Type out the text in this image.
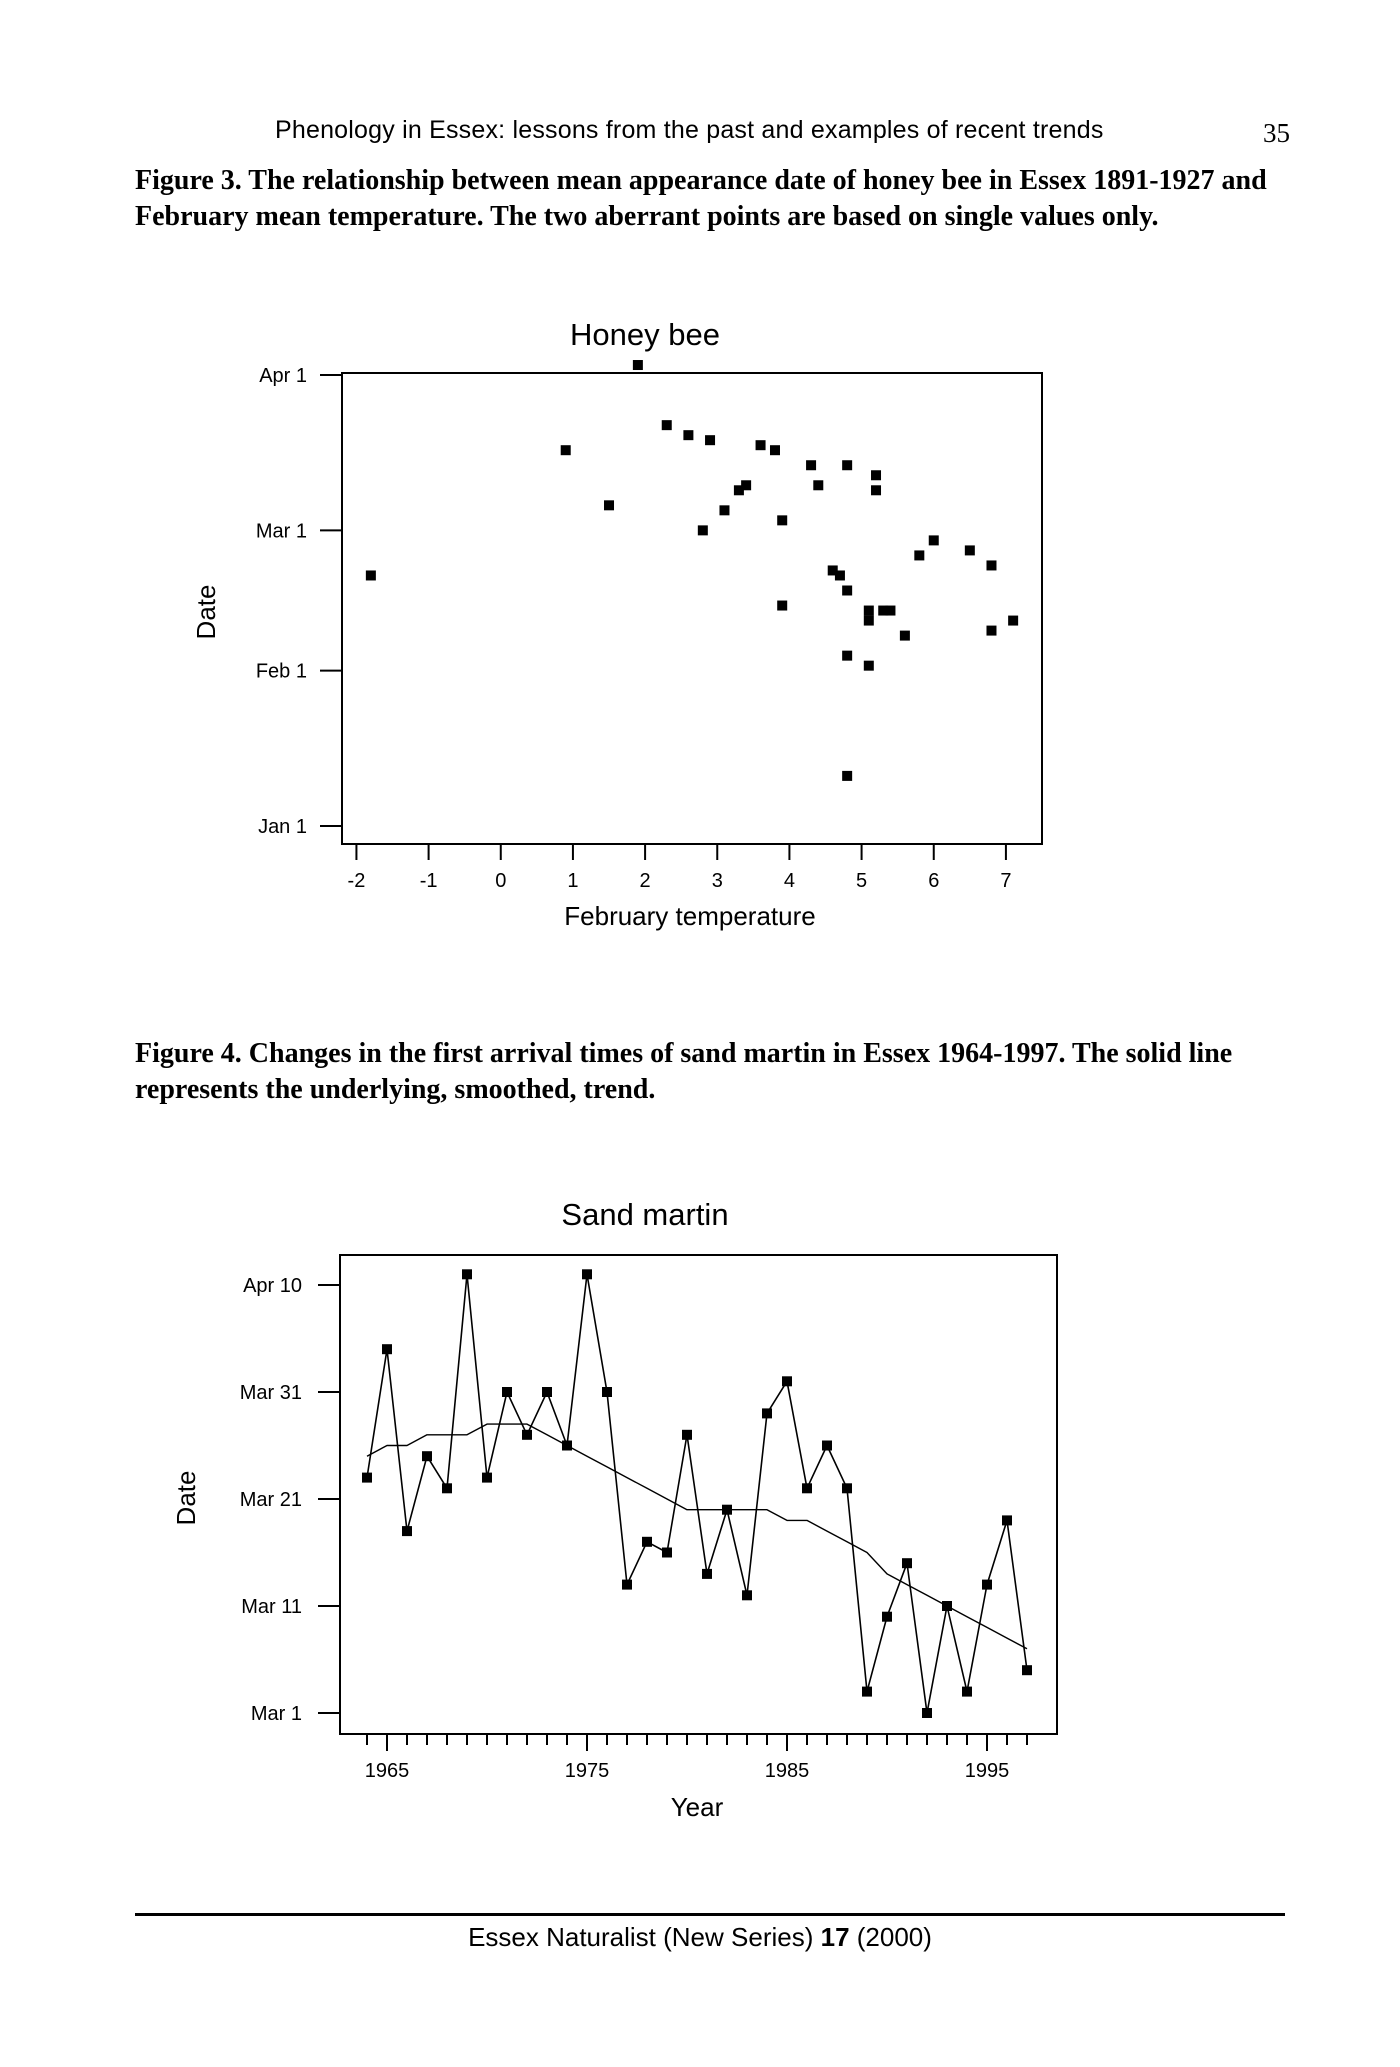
Phenology in Essex: lessons from the past and examples of recent trends	35
Figure 3. The relationship between mean appearance date of honey bee in Essex 1891-1927 and February mean temperature. The two aberrant points are based on single values only.
Honey bee
Jan 1
Feb 1
Mar 1
Apr 1
-2	-1	0	1	2	3	4	5	6	7
February temperature
Date
Figure 4. Changes in the first arrival times of sand martin in Essex 1964-1997. The solid line represents the underlying, smoothed, trend.
Sand martin
Mar 1
Mar 11
Mar 21
Mar 31
Apr 10
1965	1975	1985	1995
Year
Date
Essex Naturalist (New Series) 17 (2000)
